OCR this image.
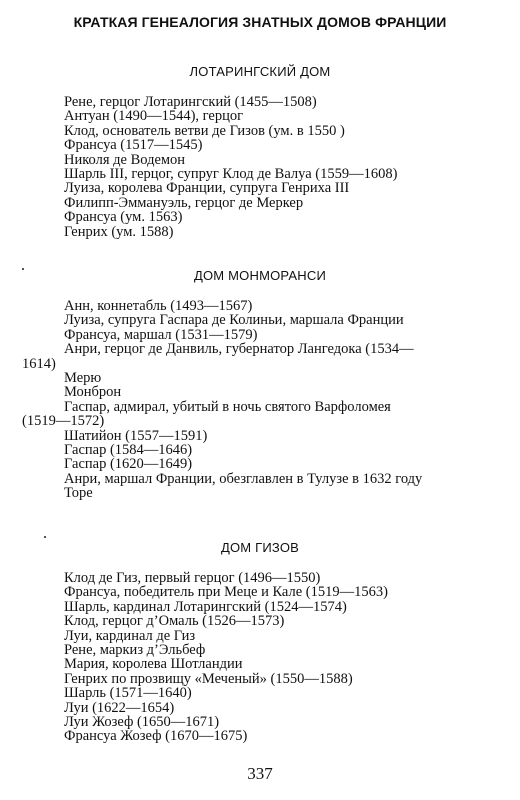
КРАТКАЯ ГЕНЕАЛОГИЯ ЗНАТНЫХ ДОМОВ ФРАНЦИИ
ЛОТАРИНГСКИЙ ДОМ
Рене, герцог Лотарингский (1455—1508)
Антуан (1490—1544), герцог
Клод, основатель ветви де Гизов (ум. в 1550 )
Франсуа (1517—1545)
Николя де Водемон
Шарль III, герцог, супруг Клод де Валуа (1559—1608)
Луиза, королева Франции, супруга Генриха III
Филипп-Эммануэль, герцог де Меркер
Франсуа (ум. 1563)
Генрих (ум. 1588)
ДОМ МОНМОРАНСИ
Анн, коннетабль (1493—1567)
Луиза, супруга Гаспара де Колиньи, маршала Франции
Франсуа, маршал (1531—1579)
Анри, герцог де Данвиль, губернатор Лангедока (1534—
1614)
Мерю
Монброн
Гаспар, адмирал, убитый в ночь святого Варфоломея
(1519—1572)
Шатийон (1557—1591)
Гаспар (1584—1646)
Гаспар (1620—1649)
Анри, маршал Франции, обезглавлен в Тулузе в 1632 году
Торе
ДОМ ГИЗОВ
Клод де Гиз, первый герцог (1496—1550)
Франсуа, победитель при Меце и Кале (1519—1563)
Шарль, кардинал Лотарингский (1524—1574)
Клод, герцог д’Омаль (1526—1573)
Луи, кардинал де Гиз
Рене, маркиз д’Эльбеф
Мария, королева Шотландии
Генрих по прозвищу «Меченый» (1550—1588)
Шарль (1571—1640)
Луи (1622—1654)
Луи Жозеф (1650—1671)
Франсуа Жозеф (1670—1675)
337
